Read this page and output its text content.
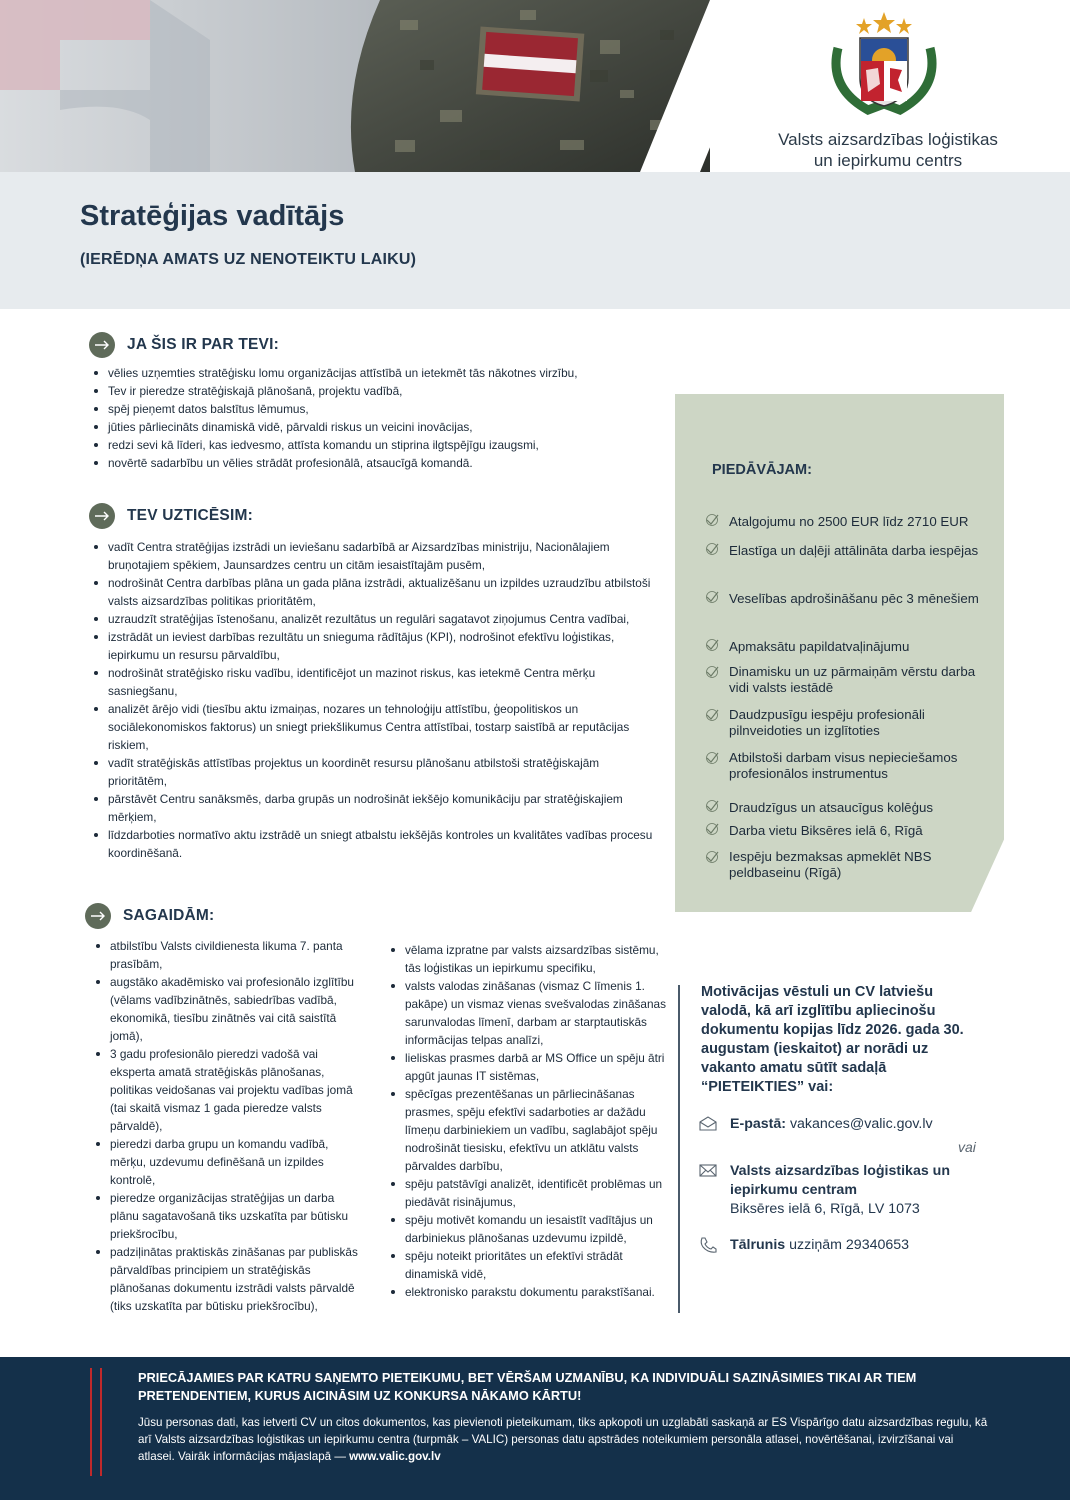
Valsts aizsardzības loģistikas
un iepirkumu centrs
Stratēģijas vadītājs
(IERĒDŅA AMATS UZ NENOTEIKTU LAIKU)
JA ŠIS IR PAR TEVI:
vēlies uzņemties stratēģisku lomu organizācijas attīstībā un ietekmēt tās nākotnes virzību,
Tev ir pieredze stratēģiskajā plānošanā, projektu vadībā,
spēj pieņemt datos balstītus lēmumus,
jūties pārliecināts dinamiskā vidē, pārvaldi riskus un veicini inovācijas,
redzi sevi kā līderi, kas iedvesmo, attīsta komandu un stiprina ilgtspējīgu izaugsmi,
novērtē sadarbību un vēlies strādāt profesionālā, atsaucīgā komandā.
TEV UZTICĒSIM:
vadīt Centra stratēģijas izstrādi un ieviešanu sadarbībā ar Aizsardzības ministriju, Nacionālajiem bruņotajiem spēkiem, Jaunsardzes centru un citām iesaistītajām pusēm,
nodrošināt Centra darbības plāna un gada plāna izstrādi, aktualizēšanu un izpildes uzraudzību atbilstoši valsts aizsardzības politikas prioritātēm,
uzraudzīt stratēģijas īstenošanu, analizēt rezultātus un regulāri sagatavot ziņojumus Centra vadībai,
izstrādāt un ieviest darbības rezultātu un snieguma rādītājus (KPI), nodrošinot efektīvu loģistikas, iepirkumu un resursu pārvaldību,
nodrošināt stratēģisko risku vadību, identificējot un mazinot riskus, kas ietekmē Centra mērķu sasniegšanu,
analizēt ārējo vidi (tiesību aktu izmaiņas, nozares un tehnoloģiju attīstību, ģeopolitiskos un sociālekonomiskos faktorus) un sniegt priekšlikumus Centra attīstībai, tostarp saistībā ar reputācijas riskiem,
vadīt stratēģiskās attīstības projektus un koordinēt resursu plānošanu atbilstoši stratēģiskajām prioritātēm,
pārstāvēt Centru sanāksmēs, darba grupās un nodrošināt iekšējo komunikāciju par stratēģiskajiem mērķiem,
līdzdarboties normatīvo aktu izstrādē un sniegt atbalstu iekšējās kontroles un kvalitātes vadības procesu koordinēšanā.
SAGAIDĀM:
atbilstību Valsts civildienesta likuma 7. panta prasībām,
augstāko akadēmisko vai profesionālo izglītību (vēlams vadībzinātnēs, sabiedrības vadībā, ekonomikā, tiesību zinātnēs vai citā saistītā jomā),
3 gadu profesionālo pieredzi vadošā vai eksperta amatā stratēģiskās plānošanas, politikas veidošanas vai projektu vadības jomā (tai skaitā vismaz 1 gada pieredze valsts pārvaldē),
pieredzi darba grupu un komandu vadībā, mērķu, uzdevumu definēšanā un izpildes kontrolē,
pieredze organizācijas stratēģijas un darba plānu sagatavošanā tiks uzskatīta par būtisku priekšrocību,
padziļinātas praktiskās zināšanas par publiskās pārvaldības principiem un stratēģiskās plānošanas dokumentu izstrādi valsts pārvaldē (tiks uzskatīta par būtisku priekšrocību),
vēlama izpratne par valsts aizsardzības sistēmu, tās loģistikas un iepirkumu specifiku,
valsts valodas zināšanas (vismaz C līmenis 1. pakāpe) un vismaz vienas svešvalodas zināšanas sarunvalodas līmenī, darbam ar starptautiskās informācijas telpas analīzi,
lieliskas prasmes darbā ar MS Office un spēju ātri apgūt jaunas IT sistēmas,
spēcīgas prezentēšanas un pārliecināšanas prasmes, spēju efektīvi sadarboties ar dažādu līmeņu darbiniekiem un vadību, saglabājot spēju nodrošināt tiesisku, efektīvu un atklātu valsts pārvaldes darbību,
spēju patstāvīgi analizēt, identificēt problēmas un piedāvāt risinājumus,
spēju motivēt komandu un iesaistīt vadītājus un darbiniekus plānošanas uzdevumu izpildē,
spēju noteikt prioritātes un efektīvi strādāt dinamiskā vidē,
elektronisko parakstu dokumentu parakstīšanai.
PIEDĀVĀJAM:
Atalgojumu no 2500 EUR līdz 2710 EUR
Elastīga un daļēji attālināta darba iespējas
Veselības apdrošināšanu pēc 3 mēnešiem
Apmaksātu papildatvaļinājumu
Dinamisku un uz pārmaiņām vērstu darba vidi valsts iestādē
Daudzpusīgu iespēju profesionāli pilnveidoties un izglītoties
Atbilstoši darbam visus nepieciešamos profesionālos instrumentus
Draudzīgus un atsaucīgus kolēģus
Darba vietu Biksēres ielā 6, Rīgā
Iespēju bezmaksas apmeklēt NBS peldbaseinu (Rīgā)
Motivācijas vēstuli un CV latviešu valodā, kā arī izglītību apliecinošu dokumentu kopijas līdz 2026. gada 30. augustam (ieskaitot) ar norādi uz vakanto amatu sūtīt sadaļā “PIETEIKTIES” vai:
E-pastā: vakances@valic.gov.lv
vai
Valsts aizsardzības loģistikas un iepirkumu centram
Biksēres ielā 6, Rīgā, LV 1073
Tālrunis uzziņām 29340653
PRIECĀJAMIES PAR KATRU SAŅEMTO PIETEIKUMU, BET VĒRŠAM UZMANĪBU, KA INDIVIDUĀLI SAZINĀSIMIES TIKAI AR TIEM PRETENDENTIEM, KURUS AICINĀSIM UZ KONKURSA NĀKAMO KĀRTU!
Jūsu personas dati, kas ietverti CV un citos dokumentos, kas pievienoti pieteikumam, tiks apkopoti un uzglabāti saskaņā ar ES Vispārīgo datu aizsardzības regulu, kā arī Valsts aizsardzības loģistikas un iepirkumu centra (turpmāk – VALIC) personas datu apstrādes noteikumiem personāla atlasei, novērtēšanai, izvirzīšanai vai atlasei. Vairāk informācijas mājaslapā — www.valic.gov.lv
